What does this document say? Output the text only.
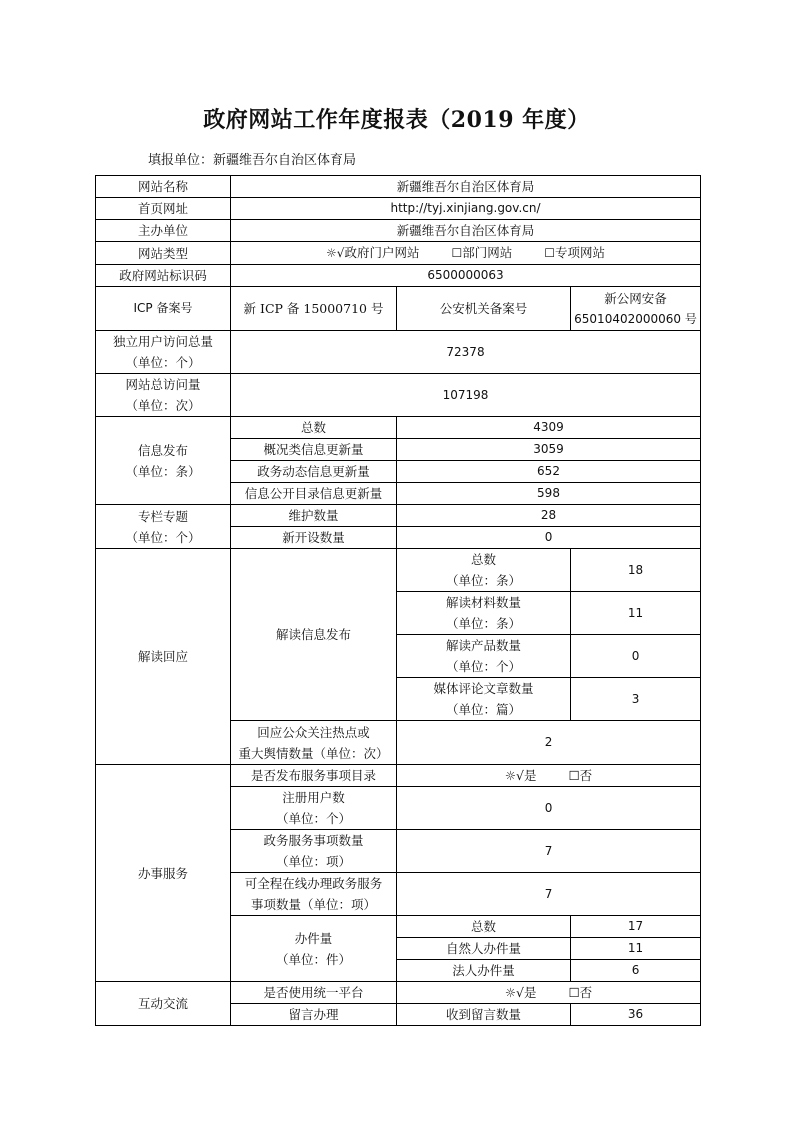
政府网站工作年度报表（2019 年度）
填报单位：新疆维吾尔自治区体育局
网站名称	新疆维吾尔自治区体育局		
首页网址	http://tyj.xinjiang.gov.cn/		
主办单位	新疆维吾尔自治区体育局		
网站类型	☼√政府门户网站 ☐部门网站 ☐专项网站		
政府网站标识码	6500000063		
ICP 备案号	新 ICP 备 15000710 号	公安机关备案号	新公网安备
65010402000060 号

独立用户访问总量
（单位：个）	72378		

网站总访问量
（单位：次）	107198		

信息发布
（单位：条）	总数	4309	
	概况类信息更新量	3059	
	政务动态信息更新量	652	
	信息公开目录信息更新量	598	

专栏专题
（单位：个）	维护数量	28	
	新开设数量	0	
解读回应	解读信息发布	总数
（单位：条）	18

		解读材料数量
（单位：条）	11

		解读产品数量
（单位：个）	0

		媒体评论文章数量
（单位：篇）	3

	回应公众关注热点或
重大舆情数量（单位：次）	2	
办事服务	是否发布服务事项目录	☼√是 ☐否	

	注册用户数
（单位：个）	0	

	政务服务事项数量
（单位：项）	7	

	可全程在线办理政务服务
事项数量（单位：项）	7	

	办件量
（单位：件）	总数	17
		自然人办件量	11
		法人办件量	6
互动交流	是否使用统一平台	☼√是 ☐否	
	留言办理	收到留言数量	36
